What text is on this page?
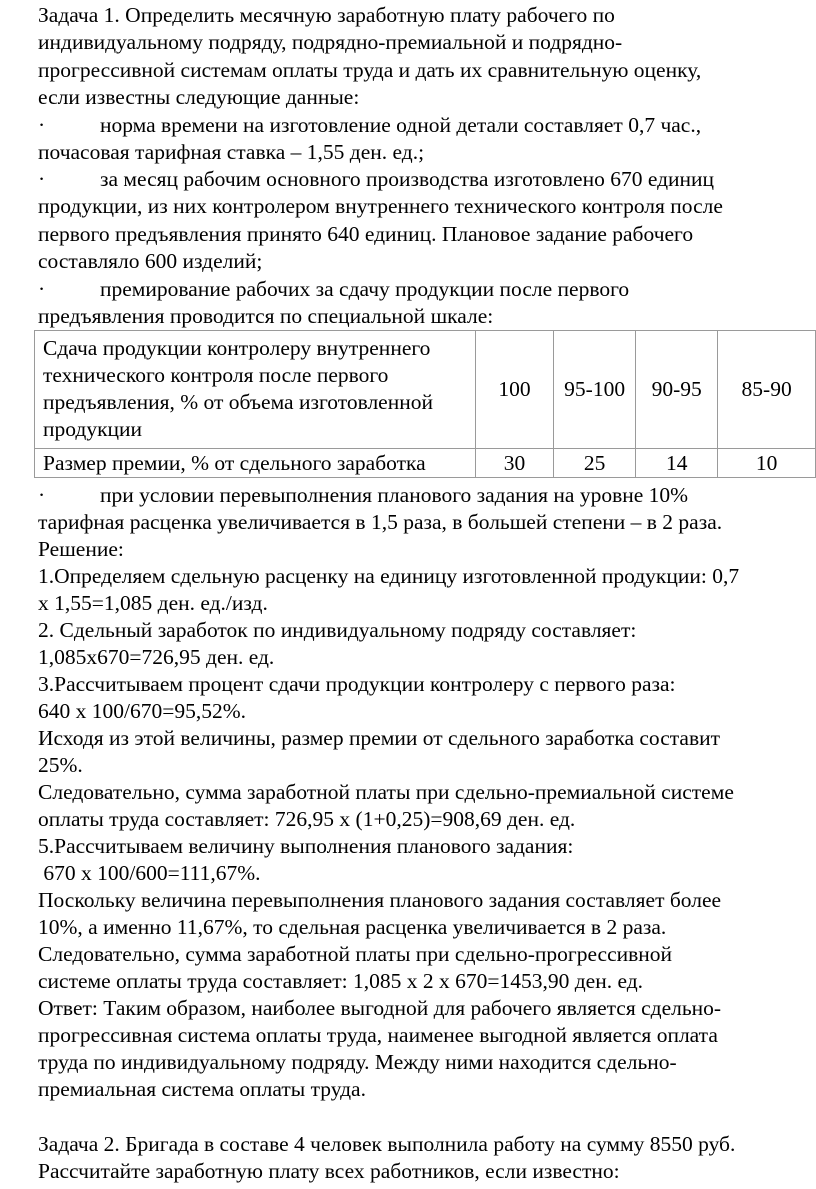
Задача 1. Определить месячную заработную плату рабочего по

индивидуальному подряду, подрядно-премиальной и подрядно-

прогрессивной системам оплаты труда и дать их сравнительную оценку,

если известны следующие данные:

·	норма времени на изготовление одной детали составляет 0,7 час.,

почасовая тарифная ставка – 1,55 ден. ед.;

·	за месяц рабочим основного производства изготовлено 670 единиц

продукции, из них контролером внутреннего технического контроля после

первого предъявления принято 640 единиц. Плановое задание рабочего

составляло 600 изделий;

·	премирование рабочих за сдачу продукции после первого

предъявления проводится по специальной шкале:

Сдача продукции контролеру внутреннего технического контроля после первого предъявления, % от объема изготовленной продукции	100	95-100	90-95	85-90
Размер премии, % от сдельного заработка	30	25	14	10

·	при условии перевыполнения планового задания на уровне 10%

тарифная расценка увеличивается в 1,5 раза, в большей степени – в 2 раза.

Решение:

1.Определяем сдельную расценку на единицу изготовленной продукции: 0,7

х 1,55=1,085 ден. ед./изд.

2. Сдельный заработок по индивидуальному подряду составляет:

1,085х670=726,95 ден. ед.

3.Рассчитываем процент сдачи продукции контролеру с первого раза:

640 х 100/670=95,52%.

Исходя из этой величины, размер премии от сдельного заработка составит

25%.

Следовательно, сумма заработной платы при сдельно-премиальной системе

оплаты труда составляет: 726,95 х (1+0,25)=908,69 ден. ед.

5.Рассчитываем величину выполнения планового задания:

670 х 100/600=111,67%.

Поскольку величина перевыполнения планового задания составляет более

10%, а именно 11,67%, то сдельная расценка увеличивается в 2 раза.

Следовательно, сумма заработной платы при сдельно-прогрессивной

системе оплаты труда составляет: 1,085 х 2 х 670=1453,90 ден. ед.

Ответ: Таким образом, наиболее выгодной для рабочего является сдельно-

прогрессивная система оплаты труда, наименее выгодной является оплата

труда по индивидуальному подряду. Между ними находится сдельно-

премиальная система оплаты труда.

Задача 2. Бригада в составе 4 человек выполнила работу на сумму 8550 руб.

Рассчитайте заработную плату всех работников, если известно:
